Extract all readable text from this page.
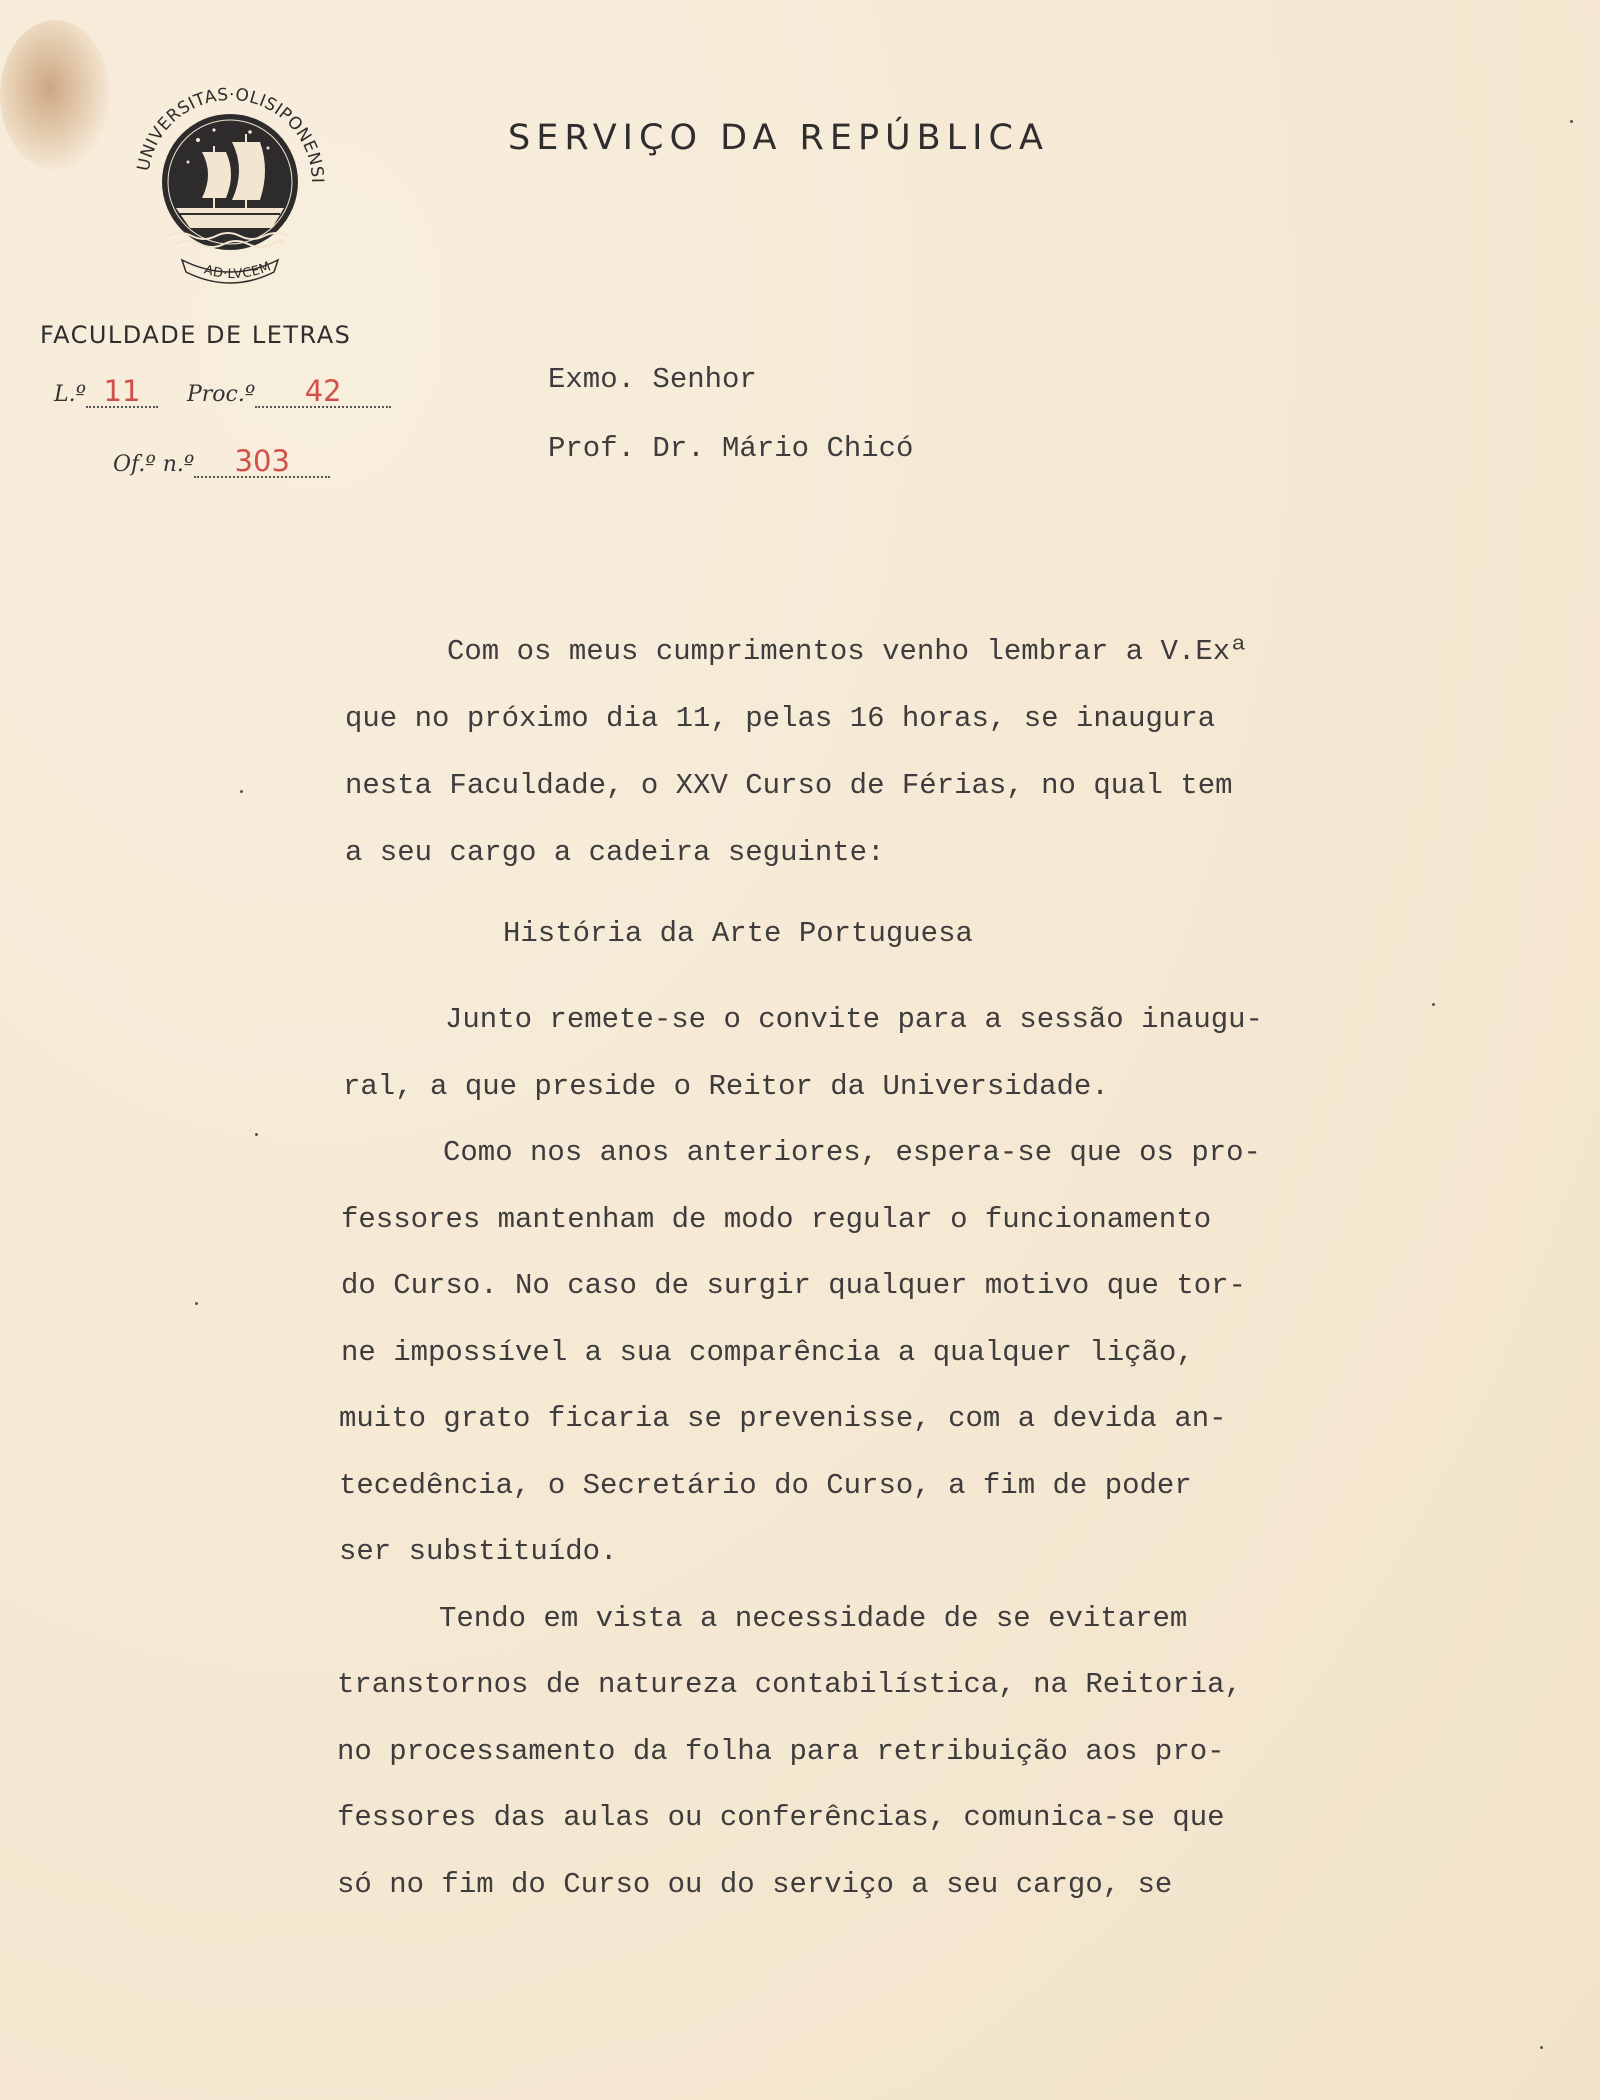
UNIVERSITAS·OLISIPONENSI
AD·LVCEM
SERVIÇO DA REPÚBLICA
FACULDADE DE LETRAS
L.º 11 Proc.º 42
Of.º n.º 303
Exmo. Senhor
Prof. Dr. Mário Chicó
Com os meus cumprimentos venho lembrar a V.Exª
que no próximo dia 11, pelas 16 horas, se inaugura
nesta Faculdade, o XXV Curso de Férias, no qual tem
a seu cargo a cadeira seguinte:
História da Arte Portuguesa
Junto remete-se o convite para a sessão inaugu-
ral, a que preside o Reitor da Universidade.
Como nos anos anteriores, espera-se que os pro-
fessores mantenham de modo regular o funcionamento
do Curso. No caso de surgir qualquer motivo que tor-
ne impossível a sua comparência a qualquer lição,
muito grato ficaria se prevenisse, com a devida an-
tecedência, o Secretário do Curso, a fim de poder
ser substituído.
Tendo em vista a necessidade de se evitarem
transtornos de natureza contabilística, na Reitoria,
no processamento da folha para retribuição aos pro-
fessores das aulas ou conferências, comunica-se que
só no fim do Curso ou do serviço a seu cargo, se
